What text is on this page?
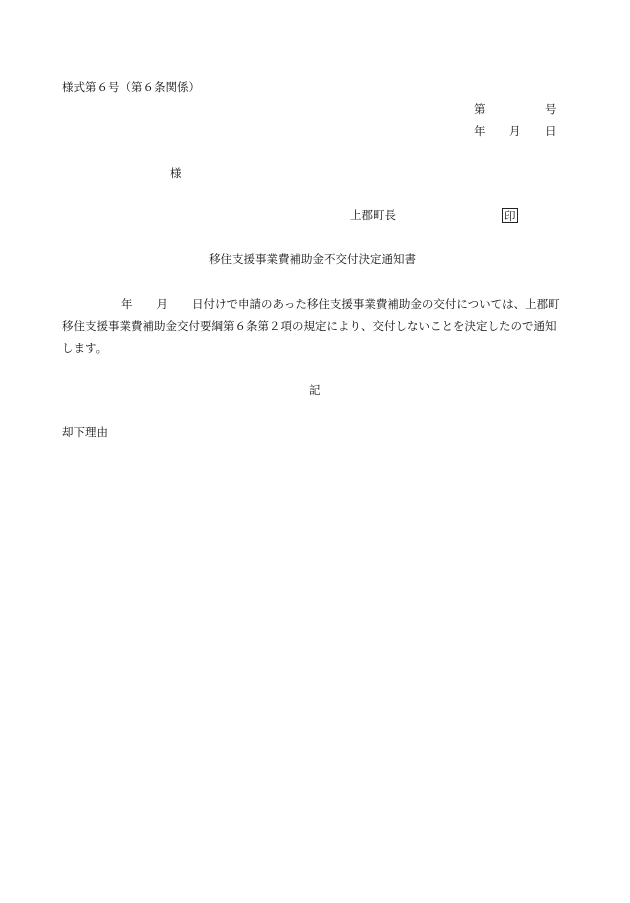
様式第６号（第６条関係）
第	号
年 月 日
様
上郡町長	印
移住支援事業費補助金不交付決定通知書
年 月 日付けで申請のあった移住支援事業費補助金の交付については、上郡町
移住支援事業費補助金交付要綱第６条第２項の規定により、交付しないことを決定したので通知
します。
記
却下理由
